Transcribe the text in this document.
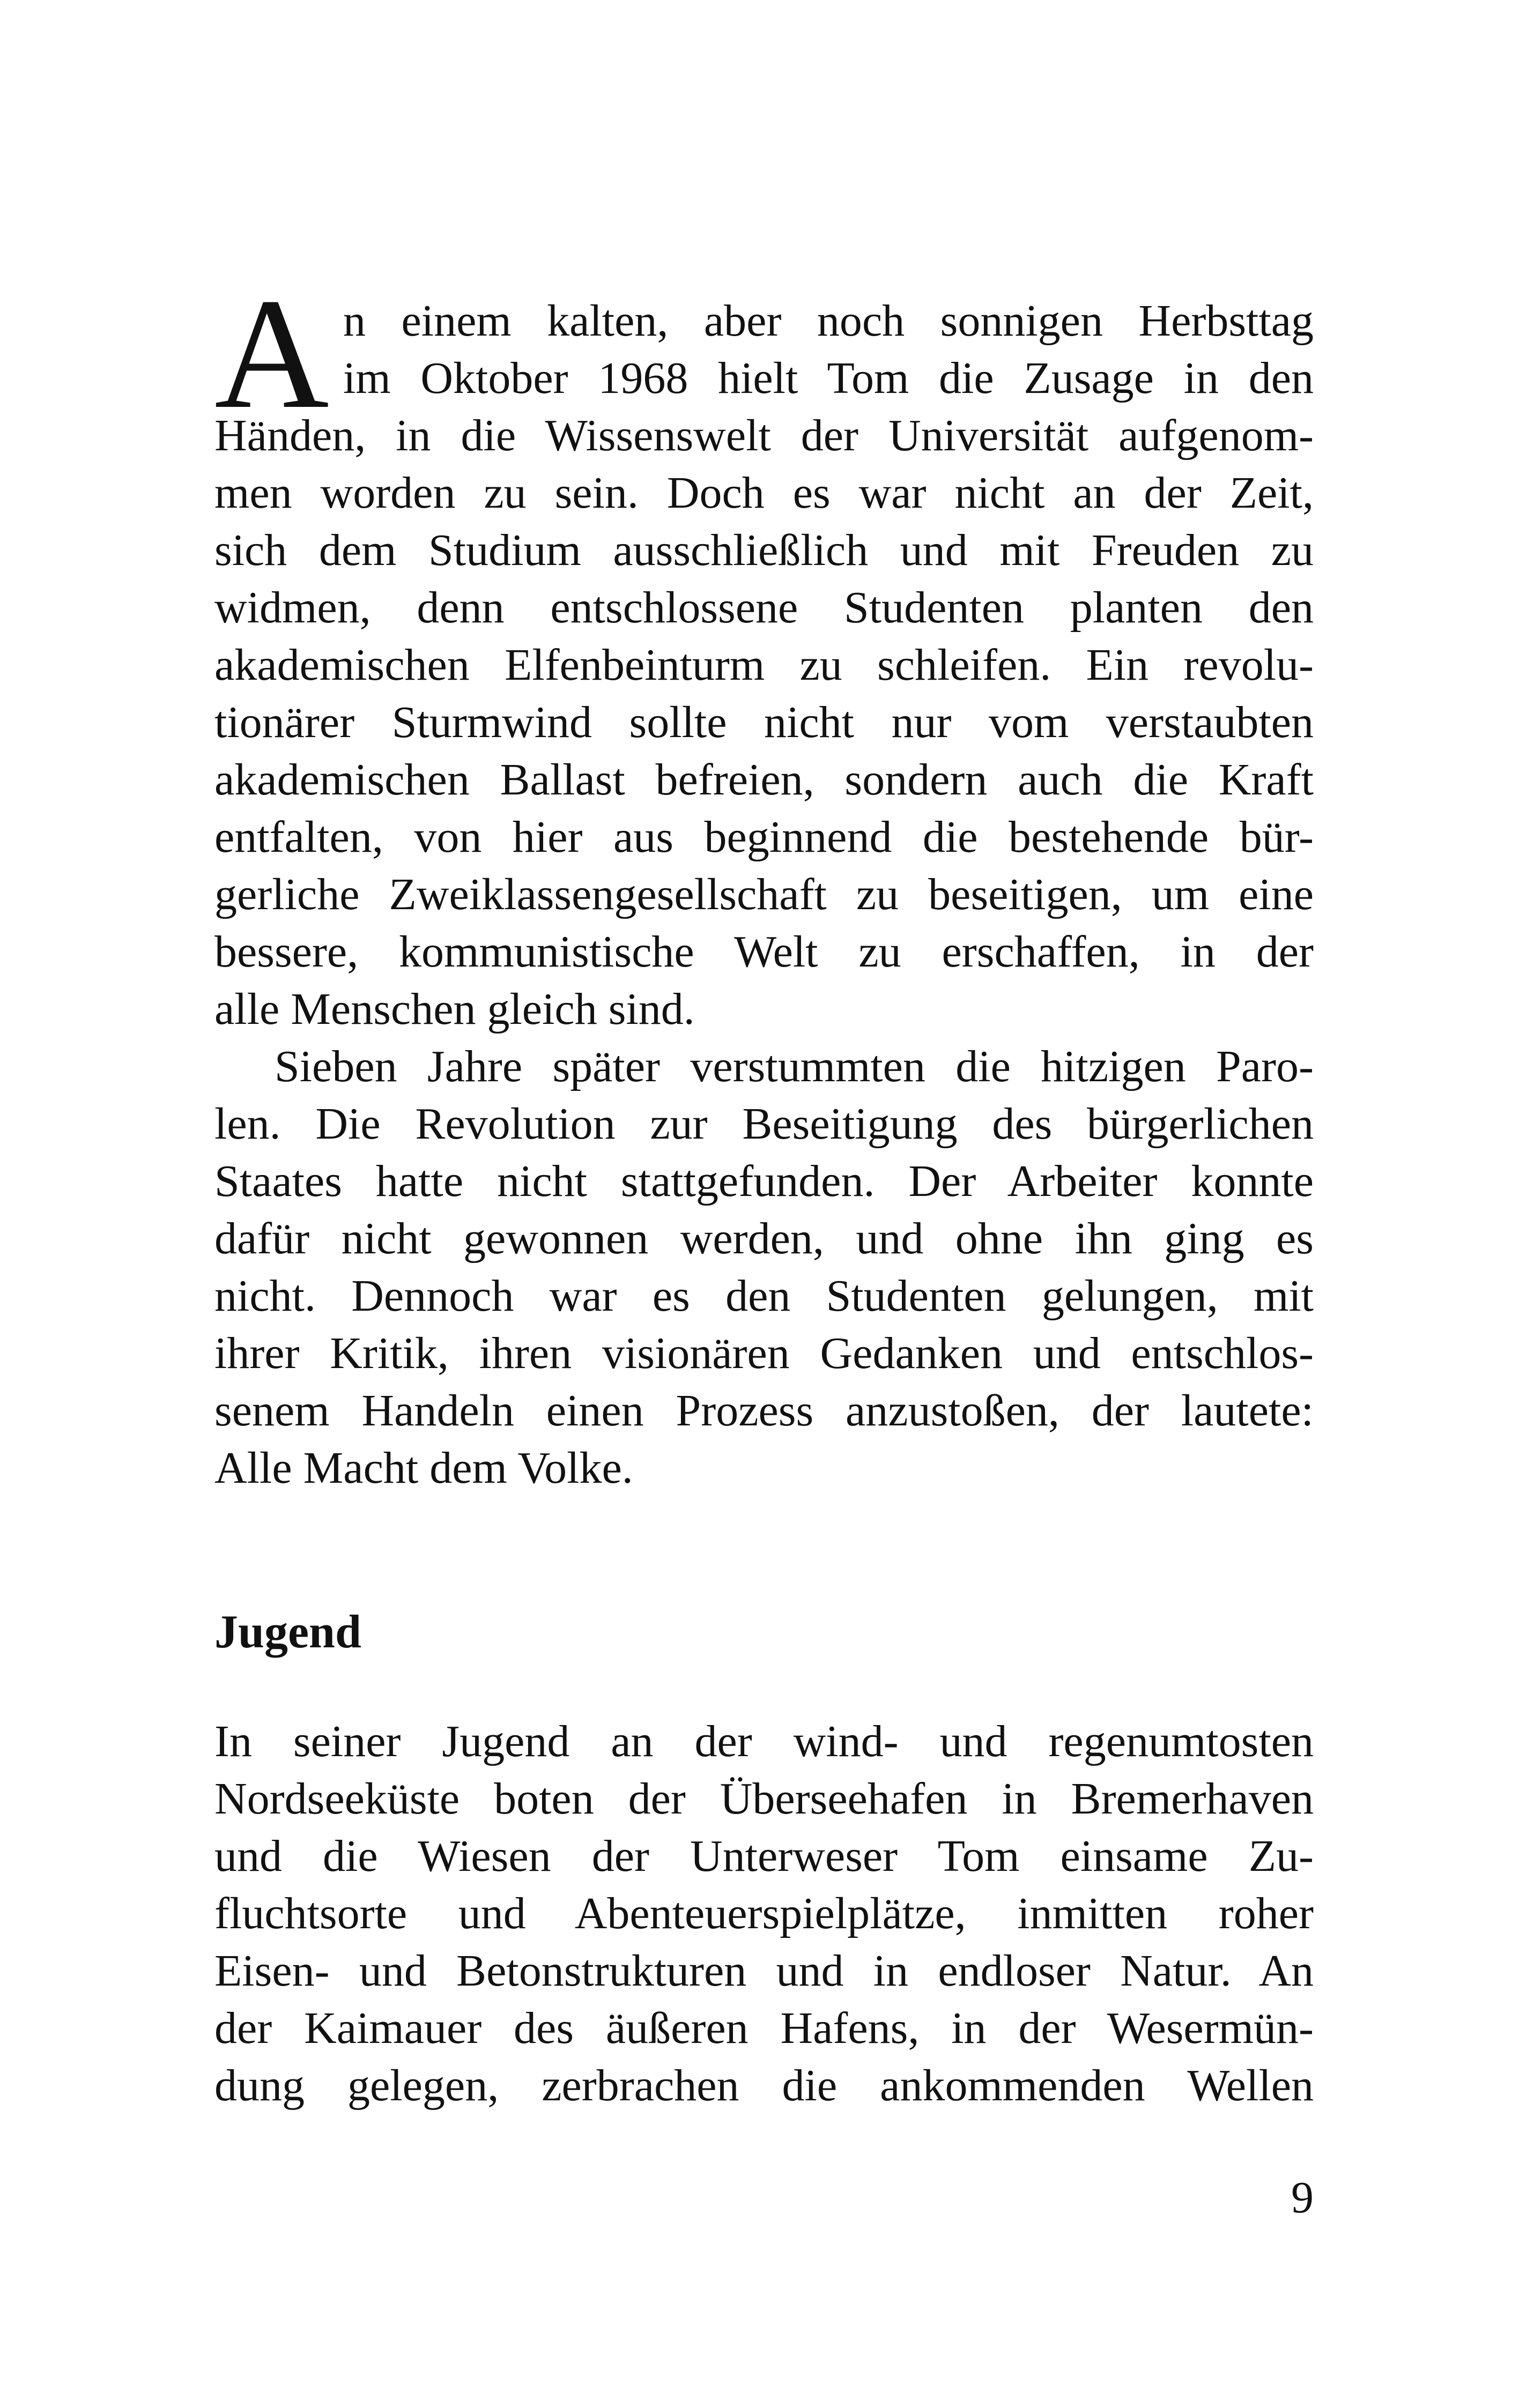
A n einem kalten, aber noch sonnigen Herbsttag
im Oktober 1968 hielt Tom die Zusage in den
Händen, in die Wissenswelt der Universität aufgenom-
men worden zu sein. Doch es war nicht an der Zeit,
sich dem Studium ausschließlich und mit Freuden zu
widmen, denn entschlossene Studenten planten den
akademischen Elfenbeinturm zu schleifen. Ein revolu-
tionärer Sturmwind sollte nicht nur vom verstaubten
akademischen Ballast befreien, sondern auch die Kraft
entfalten, von hier aus beginnend die bestehende bür-
gerliche Zweiklassengesellschaft zu beseitigen, um eine
bessere, kommunistische Welt zu erschaffen, in der
alle Menschen gleich sind.
Sieben Jahre später verstummten die hitzigen Paro-
len. Die Revolution zur Beseitigung des bürgerlichen
Staates hatte nicht stattgefunden. Der Arbeiter konnte
dafür nicht gewonnen werden, und ohne ihn ging es
nicht. Dennoch war es den Studenten gelungen, mit
ihrer Kritik, ihren visionären Gedanken und entschlos-
senem Handeln einen Prozess anzustoßen, der lautete:
Alle Macht dem Volke.
Jugend
In seiner Jugend an der wind- und regenumtosten
Nordseeküste boten der Überseehafen in Bremerhaven
und die Wiesen der Unterweser Tom einsame Zu-
fluchtsorte und Abenteuerspielplätze, inmitten roher
Eisen- und Betonstrukturen und in endloser Natur. An
der Kaimauer des äußeren Hafens, in der Wesermün-
dung gelegen, zerbrachen die ankommenden Wellen
9
